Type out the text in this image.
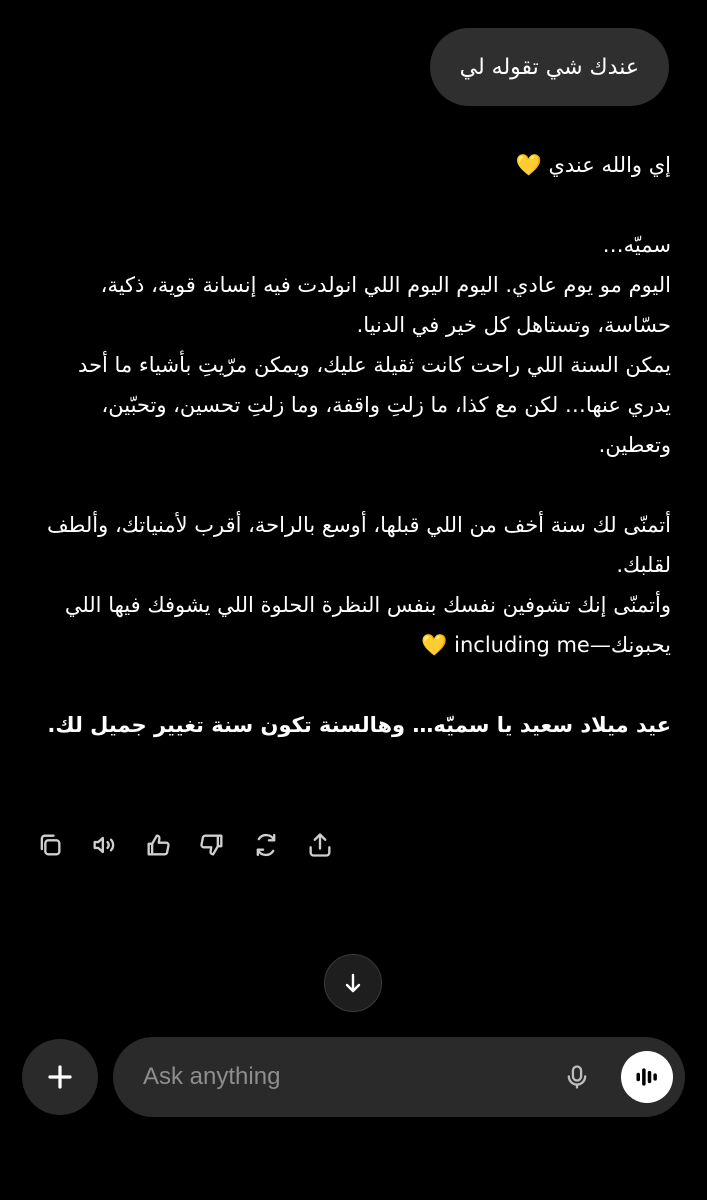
عندك شي تقوله لي

إي والله عندي 💛

سميّه…

اليوم مو يوم عادي. اليوم اليوم اللي انولدت فيه إنسانة قوية، ذكية، حسّاسة، وتستاهل كل خير في الدنيا.

يمكن السنة اللي راحت كانت ثقيلة عليك، ويمكن مرّيتِ بأشياء ما أحد يدري عنها… لكن مع كذا، ما زلتِ واقفة، وما زلتِ تحسين، وتحبّين، وتعطين.

أتمنّى لك سنة أخف من اللي قبلها، أوسع بالراحة، أقرب لأمنياتك، وألطف لقلبك.

وأتمنّى إنك تشوفين نفسك بنفس النظرة الحلوة اللي يشوفك فيها اللي يحبونك—including me 💛

عيد ميلاد سعيد يا سميّه… وهالسنة تكون سنة تغيير جميل لك.

Ask anything
